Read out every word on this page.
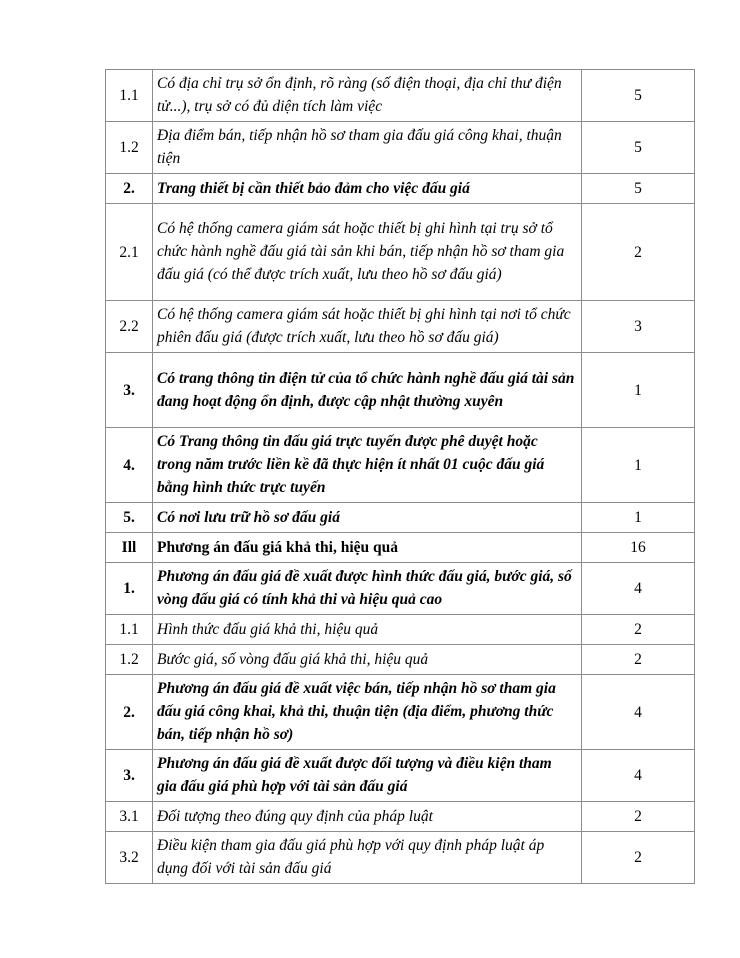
1.1	Có địa chỉ trụ sở ổn định, rõ ràng (số điện thoại, địa chỉ thư điện tử...), trụ sở có đủ diện tích làm việc	5
1.2	Địa điểm bán, tiếp nhận hồ sơ tham gia đấu giá công khai, thuận tiện	5
2.	Trang thiết bị cần thiết bảo đảm cho việc đấu giá	5
2.1	Có hệ thống camera giám sát hoặc thiết bị ghi hình tại trụ sở tổ chức hành nghề đấu giá tài sản khi bán, tiếp nhận hồ sơ tham gia đấu giá (có thể được trích xuất, lưu theo hồ sơ đấu giá)	2
2.2	Có hệ thống camera giám sát hoặc thiết bị ghi hình tại nơi tổ chức phiên đấu giá (được trích xuất, lưu theo hồ sơ đấu giá)	3
3.	Có trang thông tin điện tử của tổ chức hành nghề đấu giá tài sản đang hoạt động ổn định, được cập nhật thường xuyên	1
4.	Có Trang thông tin đấu giá trực tuyến được phê duyệt hoặc trong năm trước liền kề đã thực hiện ít nhất 01 cuộc đấu giá bằng hình thức trực tuyến	1
5.	Có nơi lưu trữ hồ sơ đấu giá	1
Ill	Phương án đấu giá khả thi, hiệu quả	16
1.	Phương án đấu giá đề xuất được hình thức đấu giá, bước giá, số vòng đấu giá có tính khả thi và hiệu quả cao	4
1.1	Hình thức đấu giá khả thi, hiệu quả	2
1.2	Bước giá, số vòng đấu giá khả thi, hiệu quả	2
2.	Phương án đấu giá đề xuất việc bán, tiếp nhận hồ sơ tham gia đấu giá công khai, khả thi, thuận tiện (địa điểm, phương thức bán, tiếp nhận hồ sơ)	4
3.	Phương án đấu giá đề xuất được đối tượng và điều kiện tham gia đấu giá phù hợp với tài sản đấu giá	4
3.1	Đối tượng theo đúng quy định của pháp luật	2
3.2	Điều kiện tham gia đấu giá phù hợp với quy định pháp luật áp dụng đối với tài sản đấu giá	2
